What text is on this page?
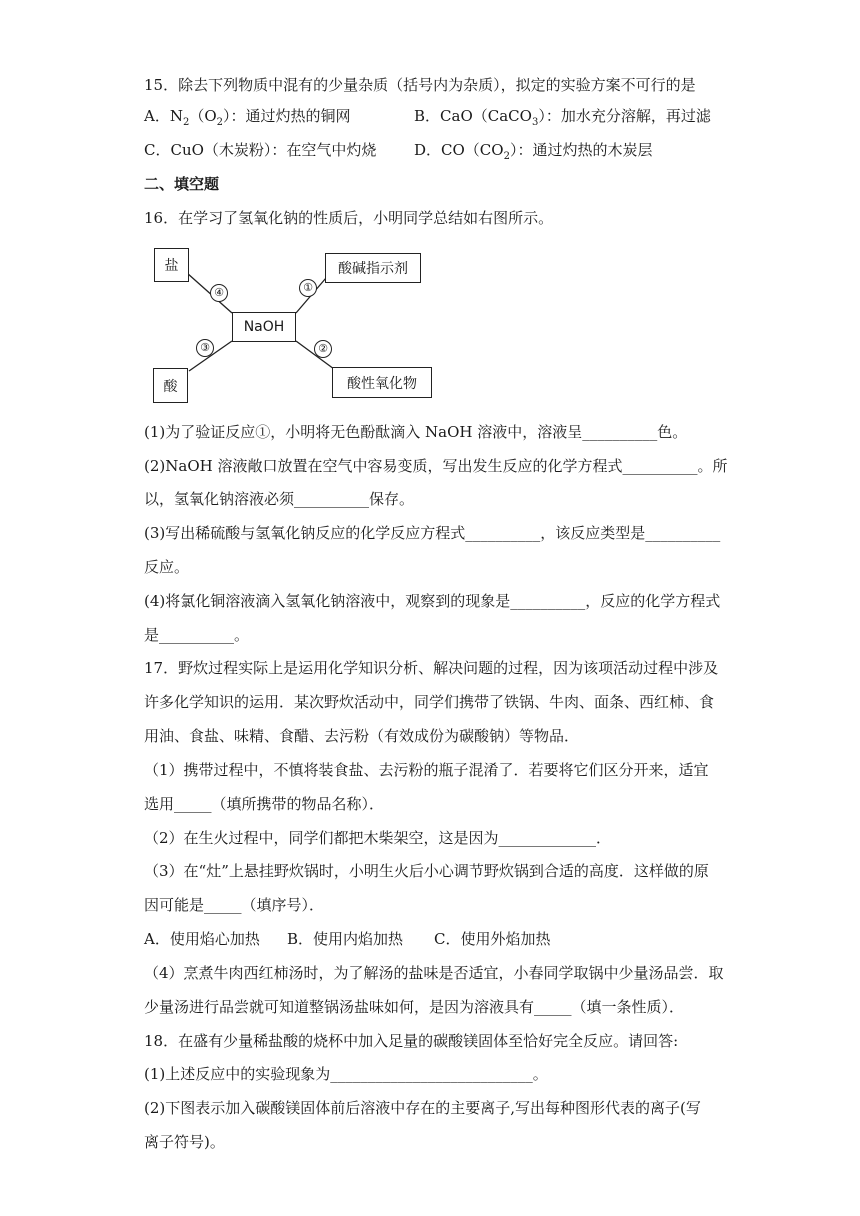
15．除去下列物质中混有的少量杂质（括号内为杂质），拟定的实验方案不可行的是
A．$N_2(O_2)$：通过灼热的铜网	B．CaO（CaCO$_3$）：加水充分溶解，再过滤
C．CuO（木炭粉）：在空气中灼烧	D．$CO(CO_2)$：通过灼热的木炭层
二、填空题
16．在学习了氢氧化钠的性质后，小明同学总结如右图所示。
盐	酸碱指示剂
NaOH
酸	酸性氧化物
④	①
③	②
(1)为了验证反应①，小明将无色酚酞滴入 NaOH 溶液中，溶液呈__________色。
(2)NaOH 溶液敞口放置在空气中容易变质，写出发生反应的化学方程式__________。所
以，氢氧化钠溶液必须__________保存。
(3)写出稀硫酸与氢氧化钠反应的化学反应方程式__________，该反应类型是__________
反应。
(4)将氯化铜溶液滴入氢氧化钠溶液中，观察到的现象是__________，反应的化学方程式
是__________。
17．野炊过程实际上是运用化学知识分析、解决问题的过程，因为该项活动过程中涉及
许多化学知识的运用．某次野炊活动中，同学们携带了铁锅、牛肉、面条、西红柿、食
用油、食盐、味精、食醋、去污粉（有效成份为碳酸钠）等物品．
（1）携带过程中，不慎将装食盐、去污粉的瓶子混淆了．若要将它们区分开来，适宜
选用_____（填所携带的物品名称）．
（2）在生火过程中，同学们都把木柴架空，这是因为_____________．
（3）在“灶”上悬挂野炊锅时，小明生火后小心调节野炊锅到合适的高度．这样做的原
因可能是_____（填序号）．
A．使用焰心加热 B．使用内焰加热 C．使用外焰加热
（4）烹煮牛肉西红柿汤时，为了解汤的盐味是否适宜，小春同学取锅中少量汤品尝．取
少量汤进行品尝就可知道整锅汤盐味如何，是因为溶液具有_____（填一条性质）．
18．在盛有少量稀盐酸的烧杯中加入足量的碳酸镁固体至恰好完全反应。请回答:
(1)上述反应中的实验现象为___________________________。
(2)下图表示加入碳酸镁固体前后溶液中存在的主要离子,写出每种图形代表的离子(写
离子符号)。
